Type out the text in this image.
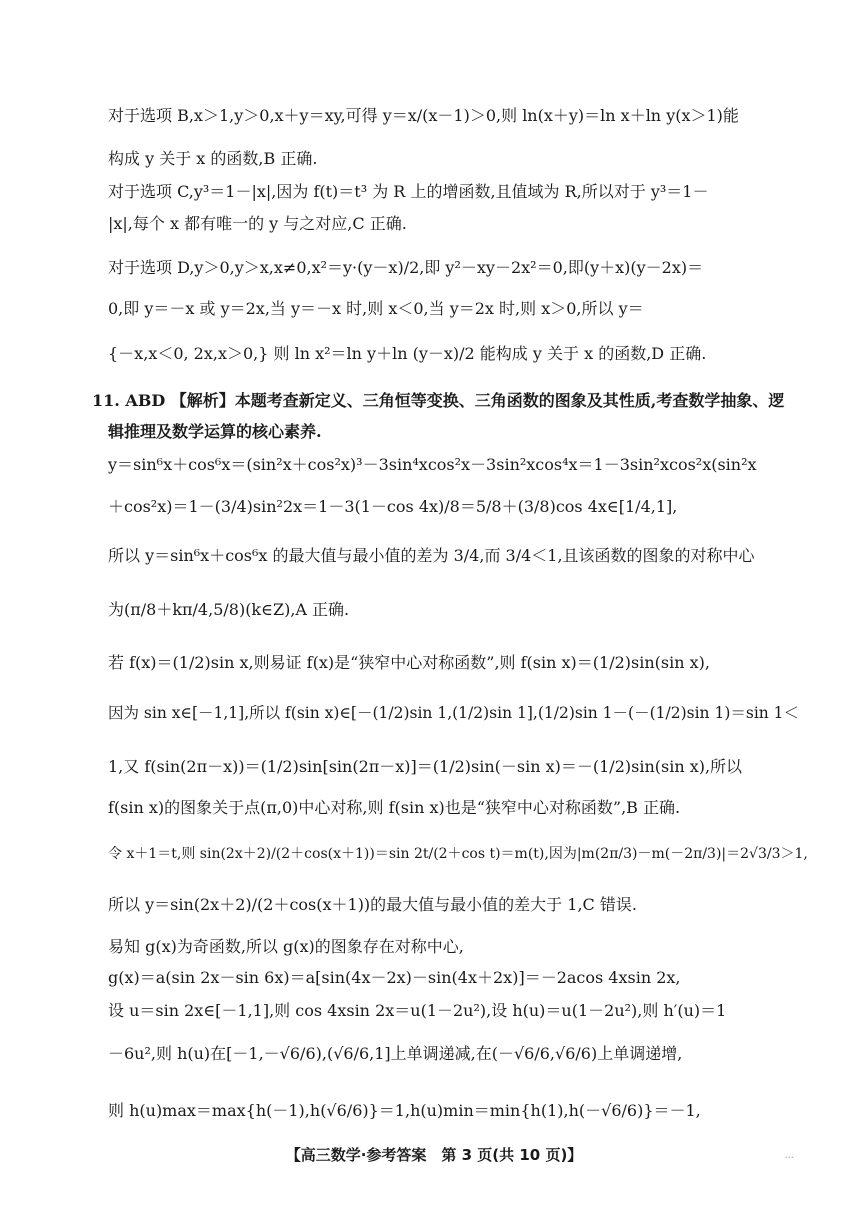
对于选项 B,x＞1,y＞0,x＋y＝xy,可得 y＝x/(x－1)＞0,则 ln(x＋y)＝ln x＋ln y(x＞1)能
构成 y 关于 x 的函数,B 正确.
对于选项 C,y³＝1－|x|,因为 f(t)＝t³ 为 R 上的增函数,且值域为 R,所以对于 y³＝1－
|x|,每个 x 都有唯一的 y 与之对应,C 正确.
对于选项 D,y＞0,y＞x,x≠0,x²＝y·(y－x)/2,即 y²－xy－2x²＝0,即(y＋x)(y－2x)＝
0,即 y＝－x 或 y＝2x,当 y＝－x 时,则 x＜0,当 y＝2x 时,则 x＞0,所以 y＝
{－x,x＜0, 2x,x＞0,} 则 ln x²＝ln y＋ln (y－x)/2 能构成 y 关于 x 的函数,D 正确.
11. ABD 【解析】本题考查新定义、三角恒等变换、三角函数的图象及其性质,考查数学抽象、逻
辑推理及数学运算的核心素养.
y＝sin⁶x＋cos⁶x＝(sin²x＋cos²x)³－3sin⁴xcos²x－3sin²xcos⁴x＝1－3sin²xcos²x(sin²x
＋cos²x)＝1－(3/4)sin²2x＝1－3(1－cos 4x)/8＝5/8＋(3/8)cos 4x∈[1/4,1],
所以 y＝sin⁶x＋cos⁶x 的最大值与最小值的差为 3/4,而 3/4＜1,且该函数的图象的对称中心
为(π/8＋kπ/4,5/8)(k∈Z),A 正确.
若 f(x)＝(1/2)sin x,则易证 f(x)是“狭窄中心对称函数”,则 f(sin x)＝(1/2)sin(sin x),
因为 sin x∈[－1,1],所以 f(sin x)∈[－(1/2)sin 1,(1/2)sin 1],(1/2)sin 1－(－(1/2)sin 1)＝sin 1＜
1,又 f(sin(2π－x))＝(1/2)sin[sin(2π－x)]＝(1/2)sin(－sin x)＝－(1/2)sin(sin x),所以
f(sin x)的图象关于点(π,0)中心对称,则 f(sin x)也是“狭窄中心对称函数”,B 正确.
令 x＋1＝t,则 sin(2x＋2)/(2＋cos(x＋1))＝sin 2t/(2＋cos t)＝m(t),因为|m(2π/3)－m(－2π/3)|＝2√3/3＞1,
所以 y＝sin(2x＋2)/(2＋cos(x＋1))的最大值与最小值的差大于 1,C 错误.
易知 g(x)为奇函数,所以 g(x)的图象存在对称中心,
g(x)＝a(sin 2x－sin 6x)＝a[sin(4x－2x)－sin(4x＋2x)]＝－2acos 4xsin 2x,
设 u＝sin 2x∈[－1,1],则 cos 4xsin 2x＝u(1－2u²),设 h(u)＝u(1－2u²),则 h′(u)＝1
－6u²,则 h(u)在[－1,－√6/6),(√6/6,1]上单调递减,在(－√6/6,√6/6)上单调递增,
则 h(u)max＝max{h(－1),h(√6/6)}＝1,h(u)min＝min{h(1),h(－√6/6)}＝－1,
【高三数学·参考答案　第 3 页(共 10 页)】	...
